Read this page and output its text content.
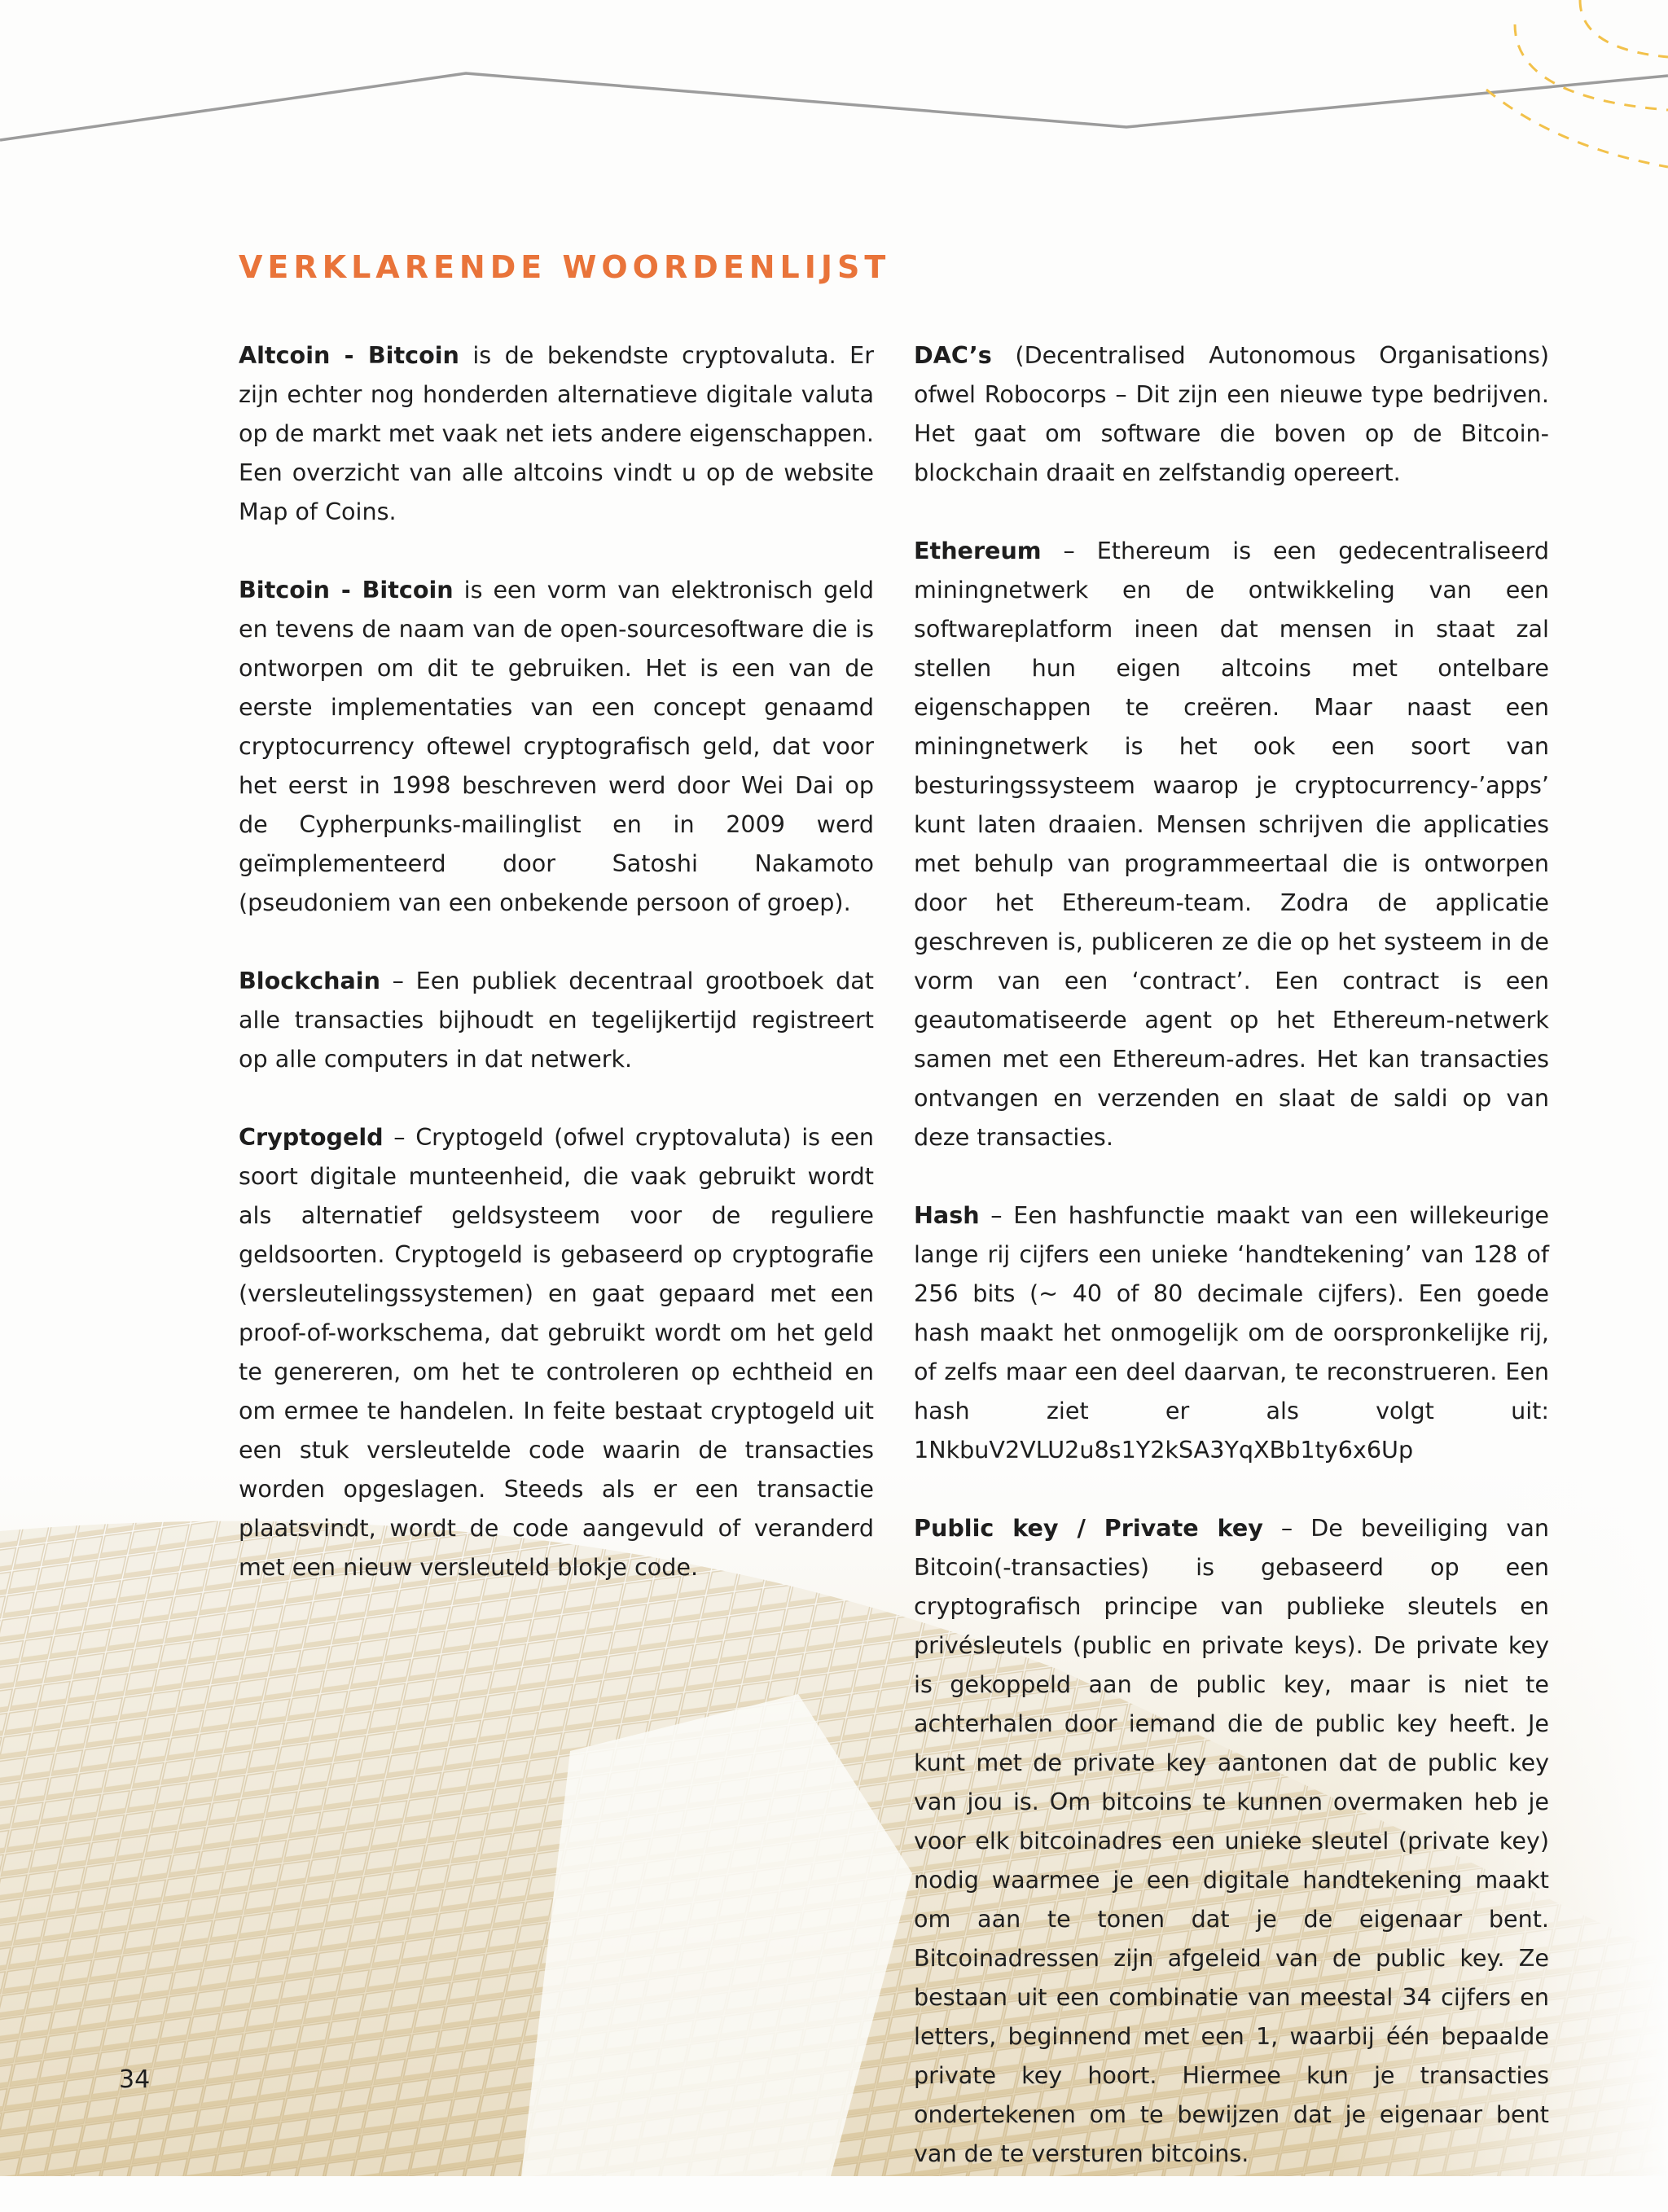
VERKLARENDE WOORDENLIJST

Altcoin - Bitcoin is de bekendste cryptovaluta. Er zijn echter nog honderden alternatieve digitale valuta op de markt met vaak net iets andere eigenschappen. Een overzicht van alle altcoins vindt u op de website Map of Coins.

Bitcoin - Bitcoin is een vorm van elektronisch geld en tevens de naam van de open-sourcesoftware die is ontworpen om dit te gebruiken. Het is een van de eerste implementaties van een concept genaamd cryptocurrency oftewel cryptografisch geld, dat voor het eerst in 1998 beschreven werd door Wei Dai op de Cypherpunks-mailinglist en in 2009 werd geïmplementeerd door Satoshi Nakamoto (pseudoniem van een onbekende persoon of groep).

Blockchain – Een publiek decentraal grootboek dat alle transacties bijhoudt en tegelijkertijd registreert op alle computers in dat netwerk.

Cryptogeld – Cryptogeld (ofwel cryptovaluta) is een soort digitale munteenheid, die vaak gebruikt wordt als alternatief geldsysteem voor de reguliere geldsoorten. Cryptogeld is gebaseerd op cryptografie (versleutelingssystemen) en gaat gepaard met een proof-of-workschema, dat gebruikt wordt om het geld te genereren, om het te controleren op echtheid en om ermee te handelen. In feite bestaat cryptogeld uit een stuk versleutelde code waarin de transacties worden opgeslagen. Steeds als er een transactie plaatsvindt, wordt de code aangevuld of veranderd met een nieuw versleuteld blokje code.

DAC’s (Decentralised Autonomous Organisations) ofwel Robocorps – Dit zijn een nieuwe type bedrijven. Het gaat om software die boven op de Bitcoin-blockchain draait en zelfstandig opereert.

Ethereum – Ethereum is een gedecentraliseerd miningnetwerk en de ontwikkeling van een softwareplatform ineen dat mensen in staat zal stellen hun eigen altcoins met ontelbare eigenschappen te creëren. Maar naast een miningnetwerk is het ook een soort van besturingssysteem waarop je cryptocurrency-’apps’ kunt laten draaien. Mensen schrijven die applicaties met behulp van programmeertaal die is ontworpen door het Ethereum-team. Zodra de applicatie geschreven is, publiceren ze die op het systeem in de vorm van een ‘contract’. Een contract is een geautomatiseerde agent op het Ethereum-netwerk samen met een Ethereum-adres. Het kan transacties ontvangen en verzenden en slaat de saldi op van deze transacties.

Hash – Een hashfunctie maakt van een willekeurige lange rij cijfers een unieke ‘handtekening’ van 128 of 256 bits (~ 40 of 80 decimale cijfers). Een goede hash maakt het onmogelijk om de oorspronkelijke rij, of zelfs maar een deel daarvan, te reconstrueren. Een hash ziet er als volgt uit: 1NkbuV2VLU2u8s1Y2kSA3YqXBb1ty6x6Up

Public key / Private key – De beveiliging van Bitcoin(-transacties) is gebaseerd op een cryptografisch principe van publieke sleutels en privésleutels (public en private keys). De private key is gekoppeld aan de public key, maar is niet te achterhalen door iemand die de public key heeft. Je kunt met de private key aantonen dat de public key van jou is. Om bitcoins te kunnen overmaken heb je voor elk bitcoinadres een unieke sleutel (private key) nodig waarmee je een digitale handtekening maakt om aan te tonen dat je de eigenaar bent. Bitcoinadressen zijn afgeleid van de public key. Ze bestaan uit een combinatie van meestal 34 cijfers en letters, beginnend met een 1, waarbij één bepaalde private key hoort. Hiermee kun je transacties ondertekenen om te bewijzen dat je eigenaar bent van de te versturen bitcoins.

34
